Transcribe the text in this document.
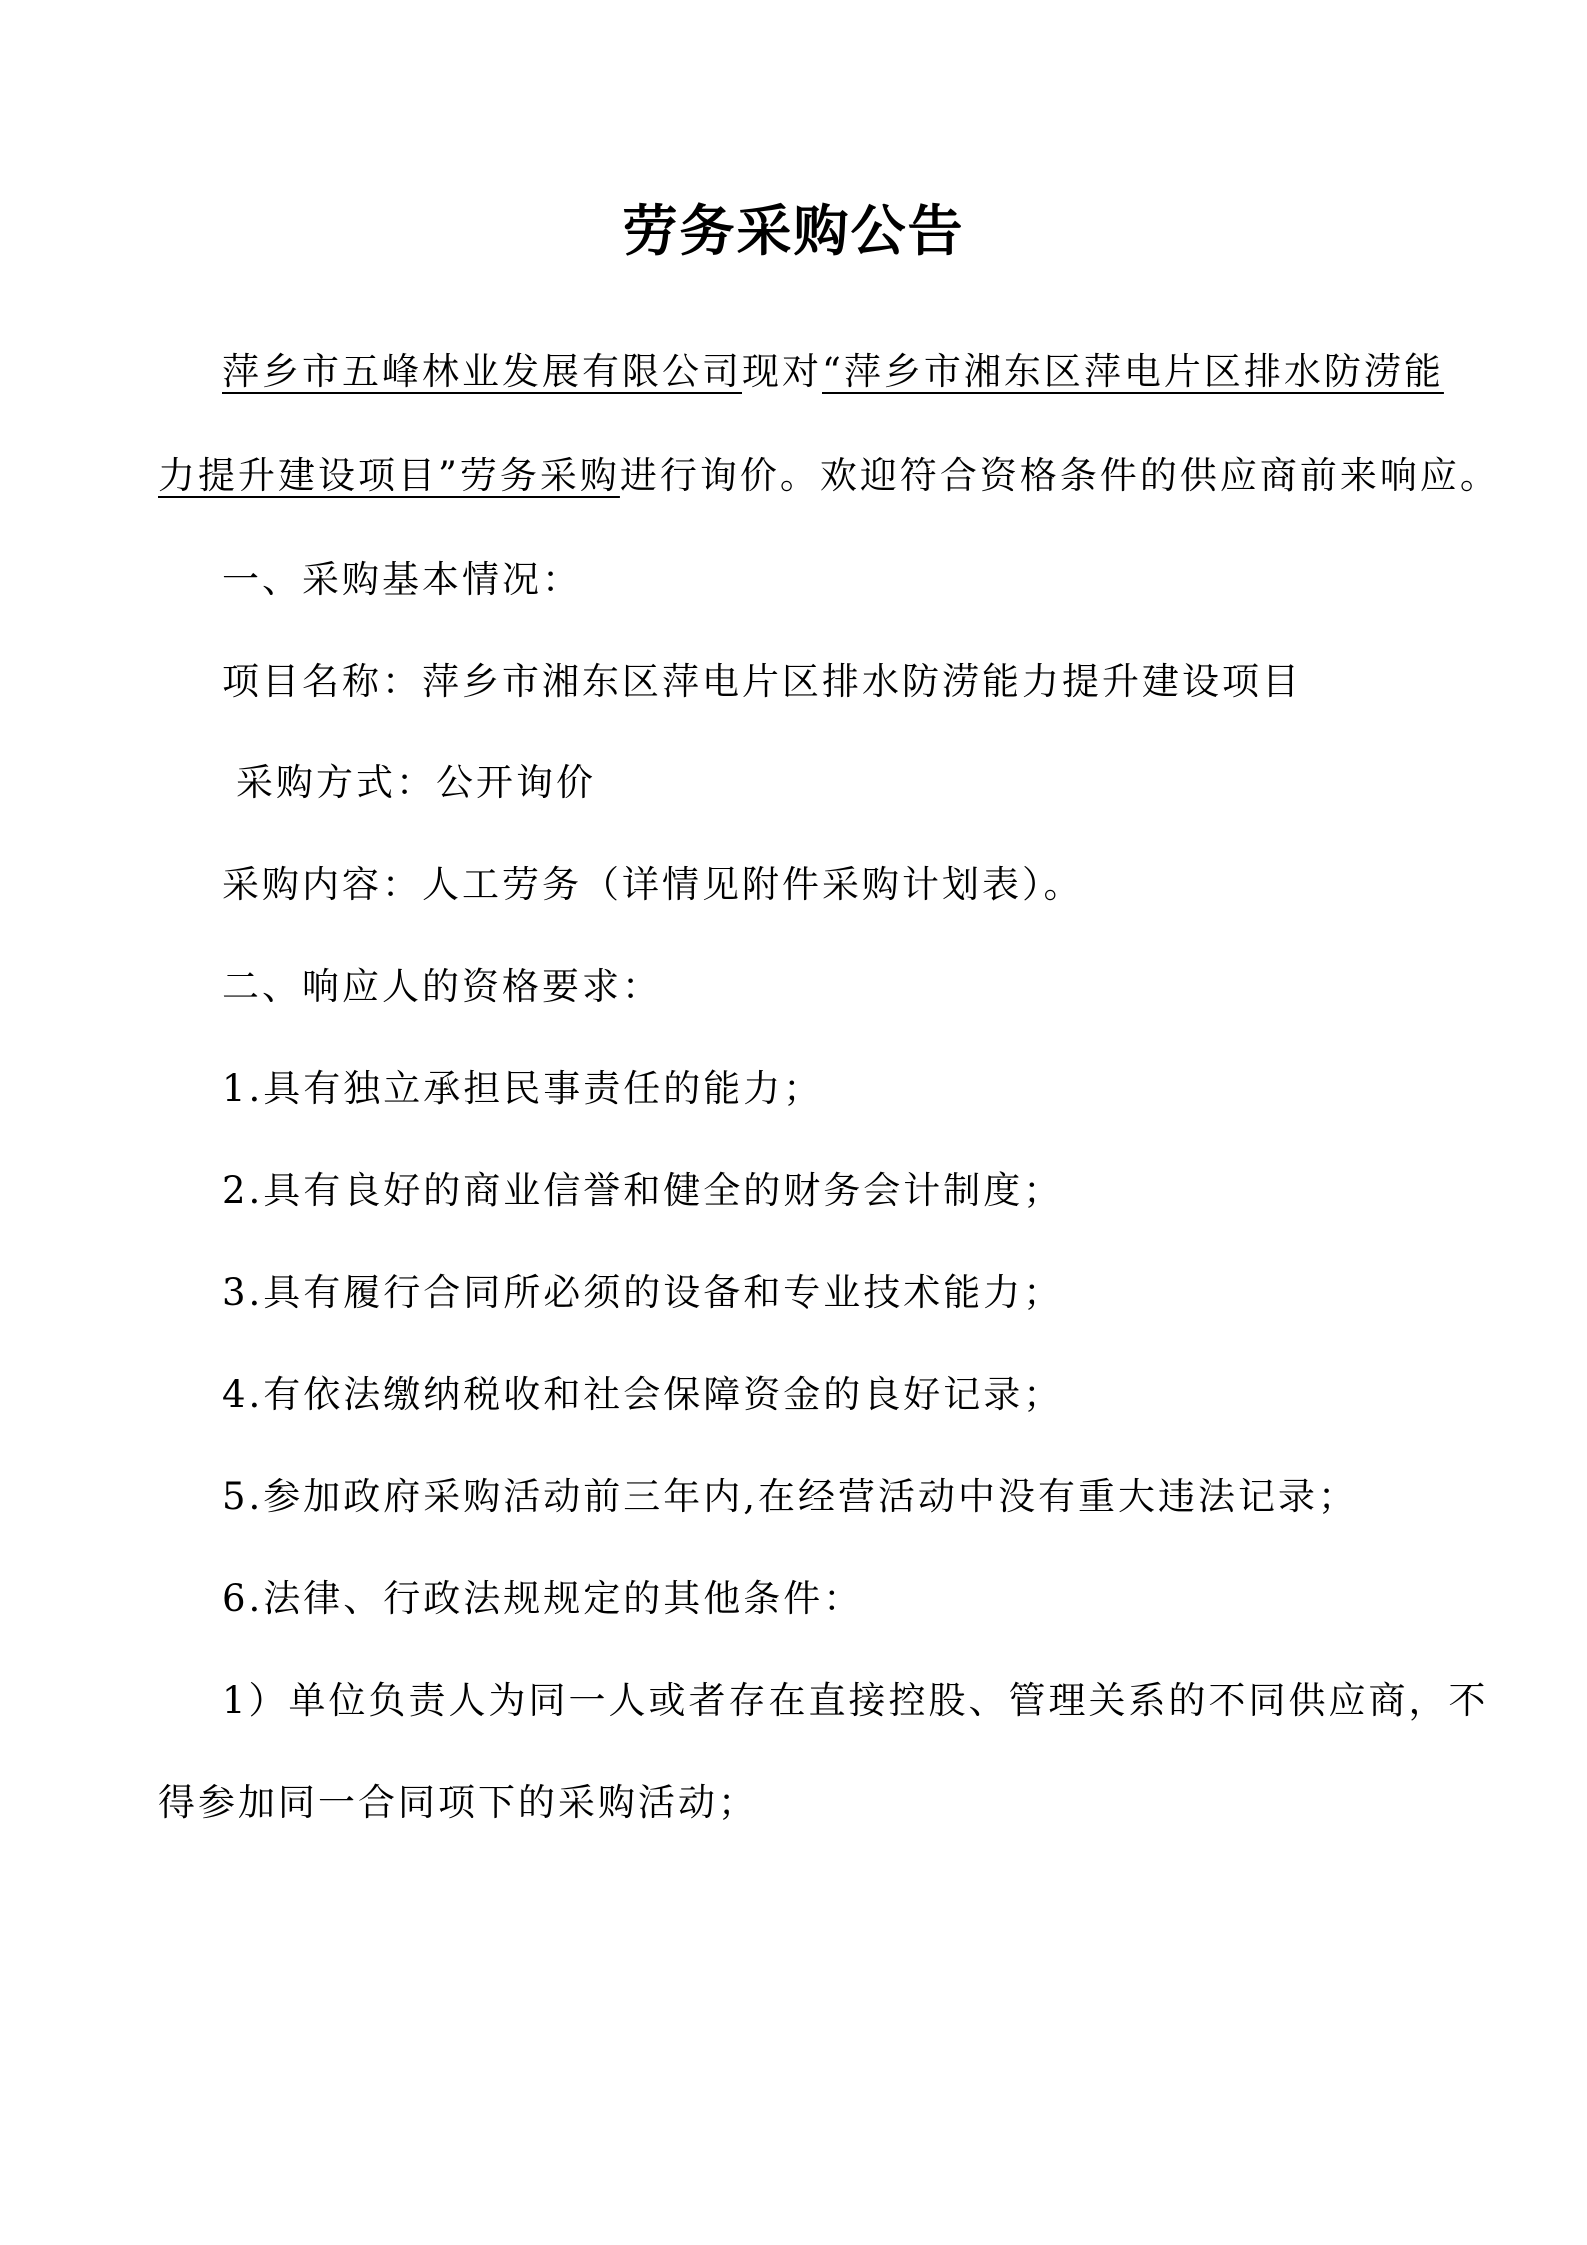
劳务采购公告
萍乡市五峰林业发展有限公司现对“萍乡市湘东区萍电片区排水防涝能
力提升建设项目”劳务采购进行询价。欢迎符合资格条件的供应商前来响应。
一、采购基本情况：
项目名称：萍乡市湘东区萍电片区排水防涝能力提升建设项目
采购方式：公开询价
采购内容：人工劳务（详情见附件采购计划表）。
二、响应人的资格要求：
1.具有独立承担民事责任的能力；
2.具有良好的商业信誉和健全的财务会计制度；
3.具有履行合同所必须的设备和专业技术能力；
4.有依法缴纳税收和社会保障资金的良好记录；
5.参加政府采购活动前三年内,在经营活动中没有重大违法记录；
6.法律、行政法规规定的其他条件：
1）单位负责人为同一人或者存在直接控股、管理关系的不同供应商，不
得参加同一合同项下的采购活动；
